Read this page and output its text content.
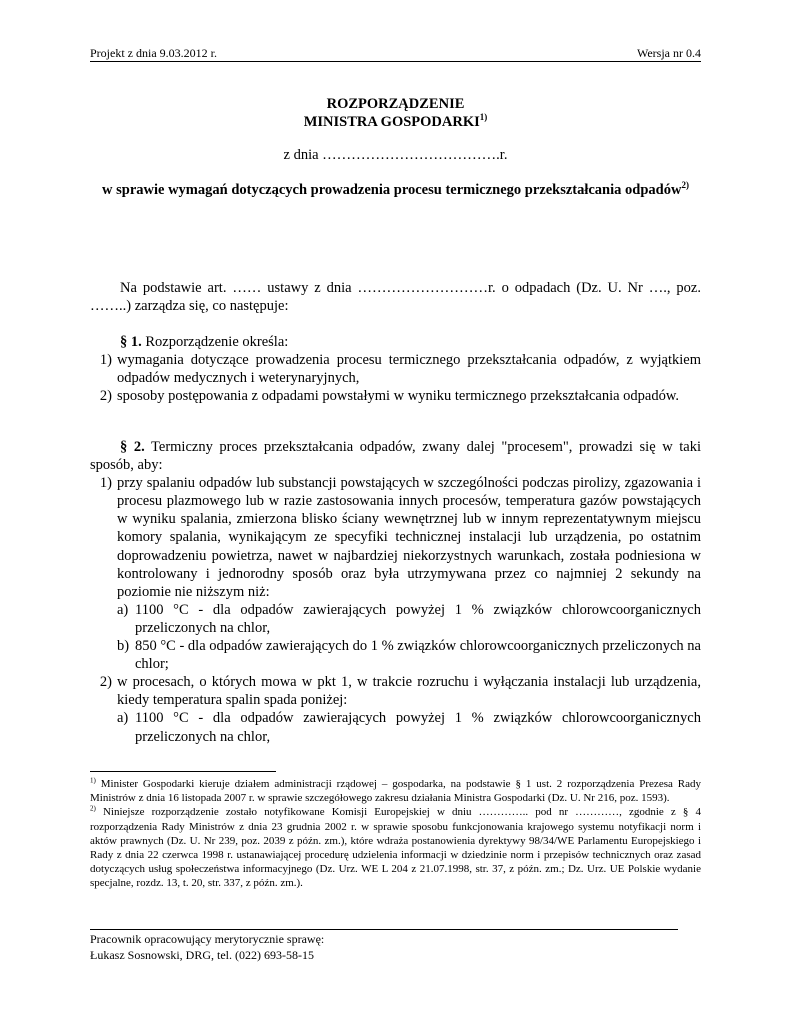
Projekt z dnia 9.03.2012 r.	Wersja nr 0.4
ROZPORZĄDZENIE
MINISTRA GOSPODARKI$^{1)}$
z dnia ……………………………….r.
w sprawie wymagań dotyczących prowadzenia procesu termicznego przekształcania odpadów$^{2)}$

Na podstawie art. …… ustawy z dnia ………………………r. o odpadach (Dz. U. Nr …., poz. ……..) zarządza się, co następuje:

§ 1. Rozporządzenie określa:

1) wymagania dotyczące prowadzenia procesu termicznego przekształcania odpadów, z wyjątkiem odpadów medycznych i weterynaryjnych,
2) sposoby postępowania z odpadami powstałymi w wyniku termicznego przekształcania odpadów.

§ 2. Termiczny proces przekształcania odpadów, zwany dalej "procesem", prowadzi się w taki sposób, aby:

1) przy spalaniu odpadów lub substancji powstających w szczególności podczas pirolizy, zgazowania i procesu plazmowego lub w razie zastosowania innych procesów, temperatura gazów powstających w wyniku spalania, zmierzona blisko ściany wewnętrznej lub w innym reprezentatywnym miejscu komory spalania, wynikającym ze specyfiki technicznej instalacji lub urządzenia, po ostatnim doprowadzeniu powietrza, nawet w najbardziej niekorzystnych warunkach, została podniesiona w kontrolowany i jednorodny sposób oraz była utrzymywana przez co najmniej 2 sekundy na poziomie nie niższym niż:
a) 1100 °C - dla odpadów zawierających powyżej 1 % związków chlorowcoorganicznych przeliczonych na chlor,
b) 850 °C - dla odpadów zawierających do 1 % związków chlorowcoorganicznych przeliczonych na chlor;
2) w procesach, o których mowa w pkt 1, w trakcie rozruchu i wyłączania instalacji lub urządzenia, kiedy temperatura spalin spada poniżej:
a) 1100 °C - dla odpadów zawierających powyżej 1 % związków chlorowcoorganicznych przeliczonych na chlor,
$^{1)}$ Minister Gospodarki kieruje działem administracji rządowej – gospodarka, na podstawie § 1 ust. 2 rozporządzenia Prezesa Rady Ministrów z dnia 16 listopada 2007 r. w sprawie szczegółowego zakresu działania Ministra Gospodarki (Dz. U. Nr 216, poz. 1593).
$^{2)}$ Niniejsze rozporządzenie zostało notyfikowane Komisji Europejskiej w dniu ………….. pod nr …………, zgodnie z § 4 rozporządzenia Rady Ministrów z dnia 23 grudnia 2002 r. w sprawie sposobu funkcjonowania krajowego systemu notyfikacji norm i aktów prawnych (Dz. U. Nr 239, poz. 2039 z późn. zm.), które wdraża postanowienia dyrektywy 98/34/WE Parlamentu Europejskiego i Rady z dnia 22 czerwca 1998 r. ustanawiającej procedurę udzielenia informacji w dziedzinie norm i przepisów technicznych oraz zasad dotyczących usług społeczeństwa informacyjnego (Dz. Urz. WE L 204 z 21.07.1998, str. 37, z późn. zm.; Dz. Urz. UE Polskie wydanie specjalne, rozdz. 13, t. 20, str. 337, z późn. zm.).
Pracownik opracowujący merytorycznie sprawę:
Łukasz Sosnowski, DRG, tel. (022) 693-58-15
